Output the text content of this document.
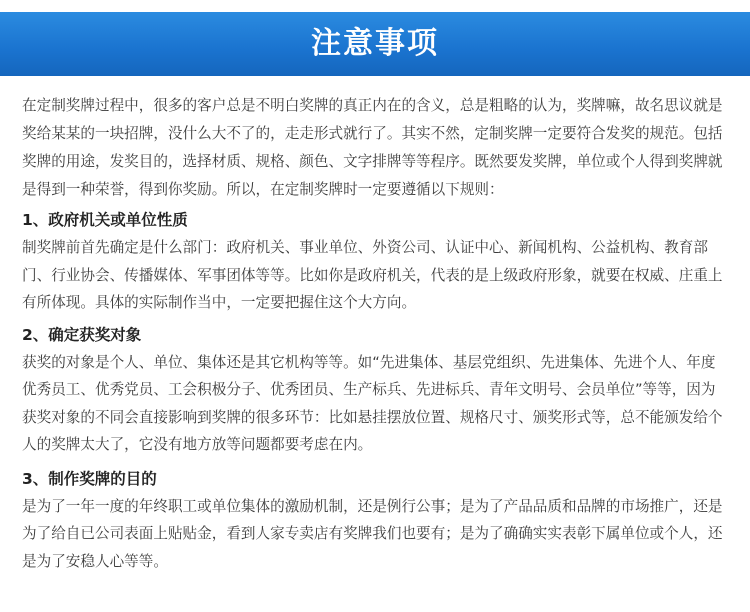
注意事项

在定制奖牌过程中，很多的客户总是不明白奖牌的真正内在的含义，总是粗略的认为，奖牌嘛，故名思议就是奖给某某的一块招牌，没什么大不了的，走走形式就行了。其实不然，定制奖牌一定要符合发奖的规范。包括奖牌的用途，发奖目的，选择材质、规格、颜色、文字排牌等等程序。既然要发奖牌，单位或个人得到奖牌就是得到一种荣誉，得到你奖励。所以，在定制奖牌时一定要遵循以下规则：

1、政府机关或单位性质

制奖牌前首先确定是什么部门：政府机关、事业单位、外资公司、认证中心、新闻机构、公益机构、教育部门、行业协会、传播媒体、军事团体等等。比如你是政府机关，代表的是上级政府形象，就要在权威、庄重上有所体现。具体的实际制作当中，一定要把握住这个大方向。

2、确定获奖对象

获奖的对象是个人、单位、集体还是其它机构等等。如“先进集体、基层党组织、先进集体、先进个人、年度优秀员工、优秀党员、工会积极分子、优秀团员、生产标兵、先进标兵、青年文明号、会员单位”等等，因为获奖对象的不同会直接影响到奖牌的很多环节：比如悬挂摆放位置、规格尺寸、颁奖形式等，总不能颁发给个人的奖牌太大了，它没有地方放等问题都要考虑在内。

3、制作奖牌的目的

是为了一年一度的年终职工或单位集体的激励机制，还是例行公事；是为了产品品质和品牌的市场推广，还是为了给自已公司表面上贴贴金，看到人家专卖店有奖牌我们也要有；是为了确确实实表彰下属单位或个人，还是为了安稳人心等等。
